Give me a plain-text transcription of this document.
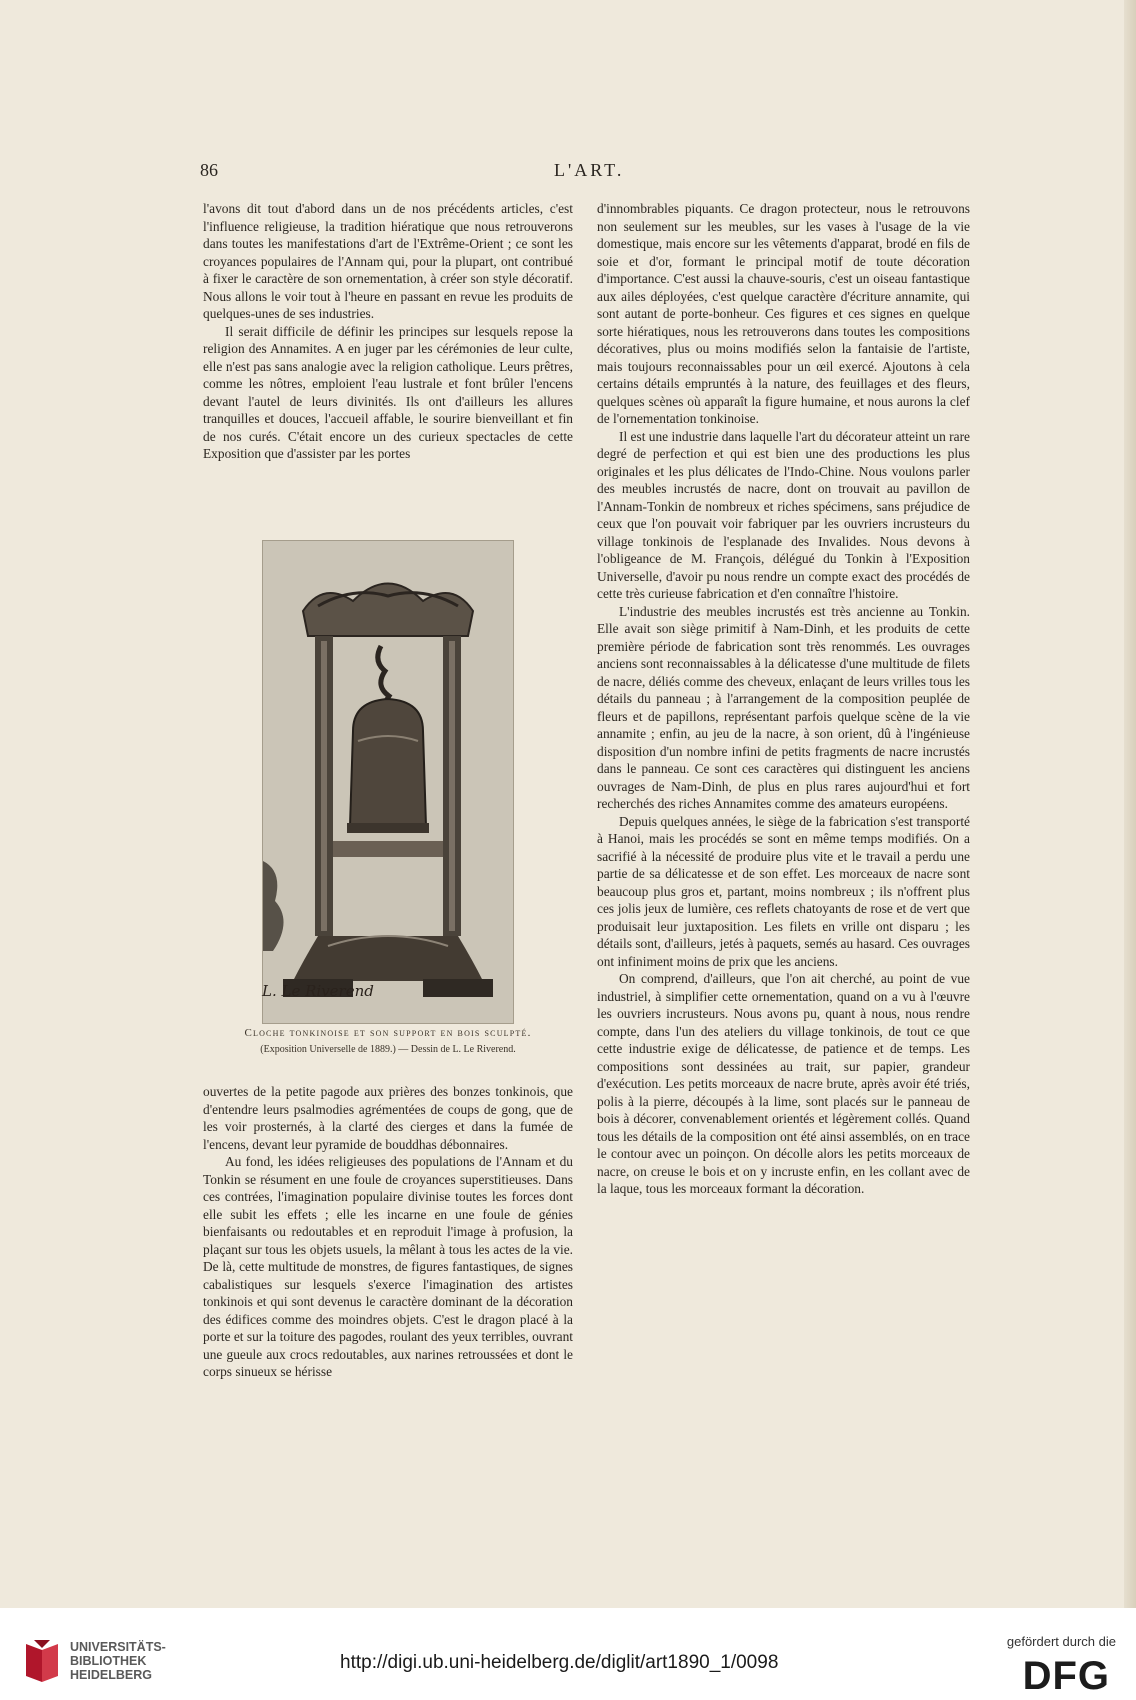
86	L'ART.

l'avons dit tout d'abord dans un de nos précédents articles, c'est l'influence religieuse, la tradition hiératique que nous retrouverons dans toutes les manifestations d'art de l'Extrême-Orient ; ce sont les croyances populaires de l'Annam qui, pour la plupart, ont contribué à fixer le caractère de son ornementation, à créer son style décoratif. Nous allons le voir tout à l'heure en passant en revue les produits de quelques-unes de ses industries.

Il serait difficile de définir les principes sur lesquels repose la religion des Annamites. A en juger par les cérémonies de leur culte, elle n'est pas sans analogie avec la religion catholique. Leurs prêtres, comme les nôtres, emploient l'eau lustrale et font brûler l'encens devant l'autel de leurs divinités. Ils ont d'ailleurs les allures tranquilles et douces, l'accueil affable, le sourire bienveillant et fin de nos curés. C'était encore un des curieux spectacles de cette Exposition que d'assister par les portes

L. Le Riverend
Cloche tonkinoise et son support en bois sculpté.
(Exposition Universelle de 1889.) — Dessin de L. Le Riverend.

ouvertes de la petite pagode aux prières des bonzes tonkinois, que d'entendre leurs psalmodies agrémentées de coups de gong, que de les voir prosternés, à la clarté des cierges et dans la fumée de l'encens, devant leur pyramide de bouddhas débonnaires.

Au fond, les idées religieuses des populations de l'Annam et du Tonkin se résument en une foule de croyances superstitieuses. Dans ces contrées, l'imagination populaire divinise toutes les forces dont elle subit les effets ; elle les incarne en une foule de génies bienfaisants ou redoutables et en reproduit l'image à profusion, la plaçant sur tous les objets usuels, la mêlant à tous les actes de la vie. De là, cette multitude de monstres, de figures fantastiques, de signes cabalistiques sur lesquels s'exerce l'imagination des artistes tonkinois et qui sont devenus le caractère dominant de la décoration des édifices comme des moindres objets. C'est le dragon placé à la porte et sur la toiture des pagodes, roulant des yeux terribles, ouvrant une gueule aux crocs redoutables, aux narines retroussées et dont le corps sinueux se hérisse

d'innombrables piquants. Ce dragon protecteur, nous le retrouvons non seulement sur les meubles, sur les vases à l'usage de la vie domestique, mais encore sur les vêtements d'apparat, brodé en fils de soie et d'or, formant le principal motif de toute décoration d'importance. C'est aussi la chauve-souris, c'est un oiseau fantastique aux ailes déployées, c'est quelque caractère d'écriture annamite, qui sont autant de porte-bonheur. Ces figures et ces signes en quelque sorte hiératiques, nous les retrouverons dans toutes les compositions décoratives, plus ou moins modifiés selon la fantaisie de l'artiste, mais toujours reconnaissables pour un œil exercé. Ajoutons à cela certains détails empruntés à la nature, des feuillages et des fleurs, quelques scènes où apparaît la figure humaine, et nous aurons la clef de l'ornementation tonkinoise.

Il est une industrie dans laquelle l'art du décorateur atteint un rare degré de perfection et qui est bien une des productions les plus originales et les plus délicates de l'Indo-Chine. Nous voulons parler des meubles incrustés de nacre, dont on trouvait au pavillon de l'Annam-Tonkin de nombreux et riches spécimens, sans préjudice de ceux que l'on pouvait voir fabriquer par les ouvriers incrusteurs du village tonkinois de l'esplanade des Invalides. Nous devons à l'obligeance de M. François, délégué du Tonkin à l'Exposition Universelle, d'avoir pu nous rendre un compte exact des procédés de cette très curieuse fabrication et d'en connaître l'histoire.

L'industrie des meubles incrustés est très ancienne au Tonkin. Elle avait son siège primitif à Nam-Dinh, et les produits de cette première période de fabrication sont très renommés. Les ouvrages anciens sont reconnaissables à la délicatesse d'une multitude de filets de nacre, déliés comme des cheveux, enlaçant de leurs vrilles tous les détails du panneau ; à l'arrangement de la composition peuplée de fleurs et de papillons, représentant parfois quelque scène de la vie annamite ; enfin, au jeu de la nacre, à son orient, dû à l'ingénieuse disposition d'un nombre infini de petits fragments de nacre incrustés dans le panneau. Ce sont ces caractères qui distinguent les anciens ouvrages de Nam-Dinh, de plus en plus rares aujourd'hui et fort recherchés des riches Annamites comme des amateurs européens.

Depuis quelques années, le siège de la fabrication s'est transporté à Hanoi, mais les procédés se sont en même temps modifiés. On a sacrifié à la nécessité de produire plus vite et le travail a perdu une partie de sa délicatesse et de son effet. Les morceaux de nacre sont beaucoup plus gros et, partant, moins nombreux ; ils n'offrent plus ces jolis jeux de lumière, ces reflets chatoyants de rose et de vert que produisait leur juxtaposition. Les filets en vrille ont disparu ; les détails sont, d'ailleurs, jetés à paquets, semés au hasard. Ces ouvrages ont infiniment moins de prix que les anciens.

On comprend, d'ailleurs, que l'on ait cherché, au point de vue industriel, à simplifier cette ornementation, quand on a vu à l'œuvre les ouvriers incrusteurs. Nous avons pu, quant à nous, nous rendre compte, dans l'un des ateliers du village tonkinois, de tout ce que cette industrie exige de délicatesse, de patience et de temps. Les compositions sont dessinées au trait, sur papier, grandeur d'exécution. Les petits morceaux de nacre brute, après avoir été triés, polis à la pierre, découpés à la lime, sont placés sur le panneau de bois à décorer, convenablement orientés et légèrement collés. Quand tous les détails de la composition ont été ainsi assemblés, on en trace le contour avec un poinçon. On décolle alors les petits morceaux de nacre, on creuse le bois et on y incruste enfin, en les collant avec de la laque, tous les morceaux formant la décoration.

UNIVERSITÄTS-
BIBLIOTHEK
HEIDELBERG
http://digi.ub.uni-heidelberg.de/diglit/art1890_1/0098
gefördert durch die
DFG
